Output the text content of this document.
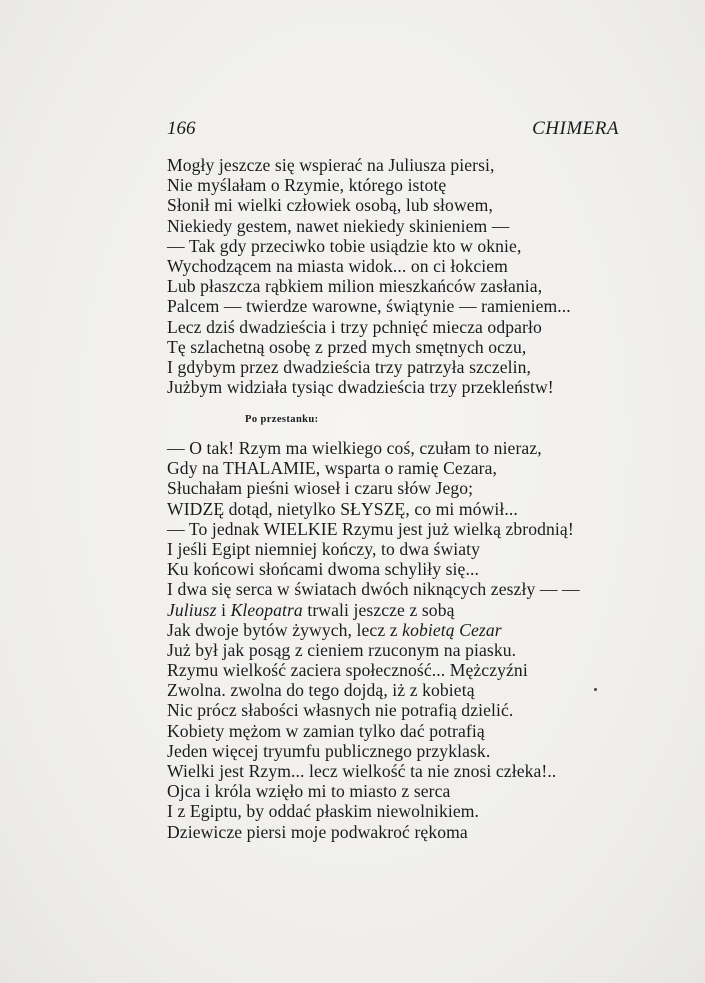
166	CHIMERA
Mogły jeszcze się wspierać na Juliusza piersi,
Nie myślałam o Rzymie, którego istotę
Słonił mi wielki człowiek osobą, lub słowem,
Niekiedy gestem, nawet niekiedy skinieniem —
— Tak gdy przeciwko tobie usiądzie kto w oknie,
Wychodzącem na miasta widok... on ci łokciem
Lub płaszcza rąbkiem milion mieszkańców zasłania,
Palcem — twierdze warowne, świątynie — ramieniem...
Lecz dziś dwadzieścia i trzy pchnięć miecza odparło
Tę szlachetną osobę z przed mych smętnych oczu,
I gdybym przez dwadzieścia trzy patrzyła szczelin,
Jużbym widziała tysiąc dwadzieścia trzy przekleństw!
Po przestanku:
— O tak! Rzym ma wielkiego coś, czułam to nieraz,
Gdy na THALAMIE, wsparta o ramię Cezara,
Słuchałam pieśni wioseł i czaru słów Jego;
WIDZĘ dotąd, nietylko SŁYSZĘ, co mi mówił...
— To jednak WIELKIE Rzymu jest już wielką zbrodnią!
I jeśli Egipt niemniej kończy, to dwa światy
Ku końcowi słońcami dwoma schyliły się...
I dwa się serca w światach dwóch niknących zeszły — —
Juliusz i Kleopatra trwali jeszcze z sobą
Jak dwoje bytów żywych, lecz z kobietą Cezar
Już był jak posąg z cieniem rzuconym na piasku.
Rzymu wielkość zaciera społeczność... Mężczyźni
Zwolna. zwolna do tego dojdą, iż z kobietą
Nic prócz słabości własnych nie potrafią dzielić.
Kobiety mężom w zamian tylko dać potrafią
Jeden więcej tryumfu publicznego przyklask.
Wielki jest Rzym... lecz wielkość ta nie znosi człeka!..
Ojca i króla wzięło mi to miasto z serca
I z Egiptu, by oddać płaskim niewolnikiem.
Dziewicze piersi moje podwakroć rękoma
